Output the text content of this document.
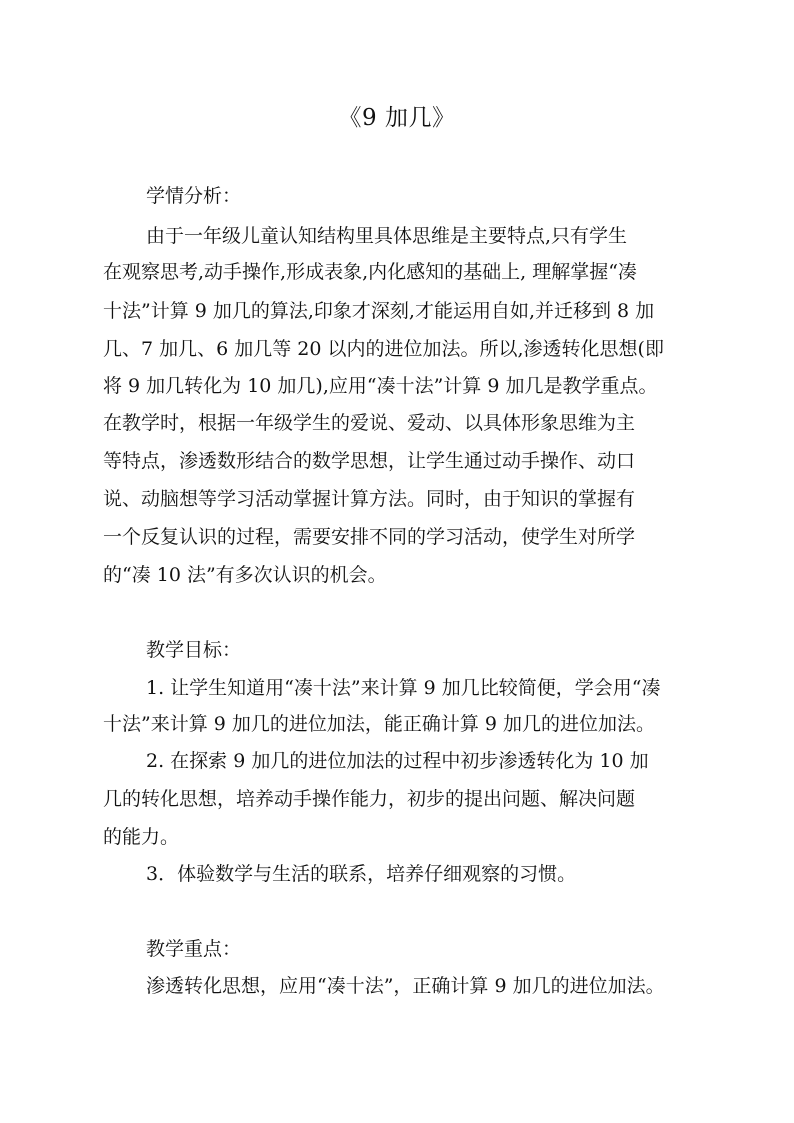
《9 加几》
学情分析：
由于一年级儿童认知结构里具体思维是主要特点,只有学生
在观察思考,动手操作,形成表象,内化感知的基础上, 理解掌握“凑
十法”计算 9 加几的算法,印象才深刻,才能运用自如,并迁移到 8 加
几、7 加几、6 加几等 20 以内的进位加法。所以,渗透转化思想(即
将 9 加几转化为 10 加几),应用“凑十法”计算 9 加几是教学重点。
在教学时，根据一年级学生的爱说、爱动、以具体形象思维为主
等特点，渗透数形结合的数学思想，让学生通过动手操作、动口
说、动脑想等学习活动掌握计算方法。同时，由于知识的掌握有
一个反复认识的过程，需要安排不同的学习活动，使学生对所学
的“凑 10 法”有多次认识的机会。
教学目标：
1. 让学生知道用“凑十法”来计算 9 加几比较简便，学会用“凑
十法”来计算 9 加几的进位加法，能正确计算 9 加几的进位加法。
2. 在探索 9 加几的进位加法的过程中初步渗透转化为 10 加
几的转化思想，培养动手操作能力，初步的提出问题、解决问题
的能力。
3．体验数学与生活的联系，培养仔细观察的习惯。
教学重点：
渗透转化思想，应用“凑十法”，正确计算 9 加几的进位加法。
